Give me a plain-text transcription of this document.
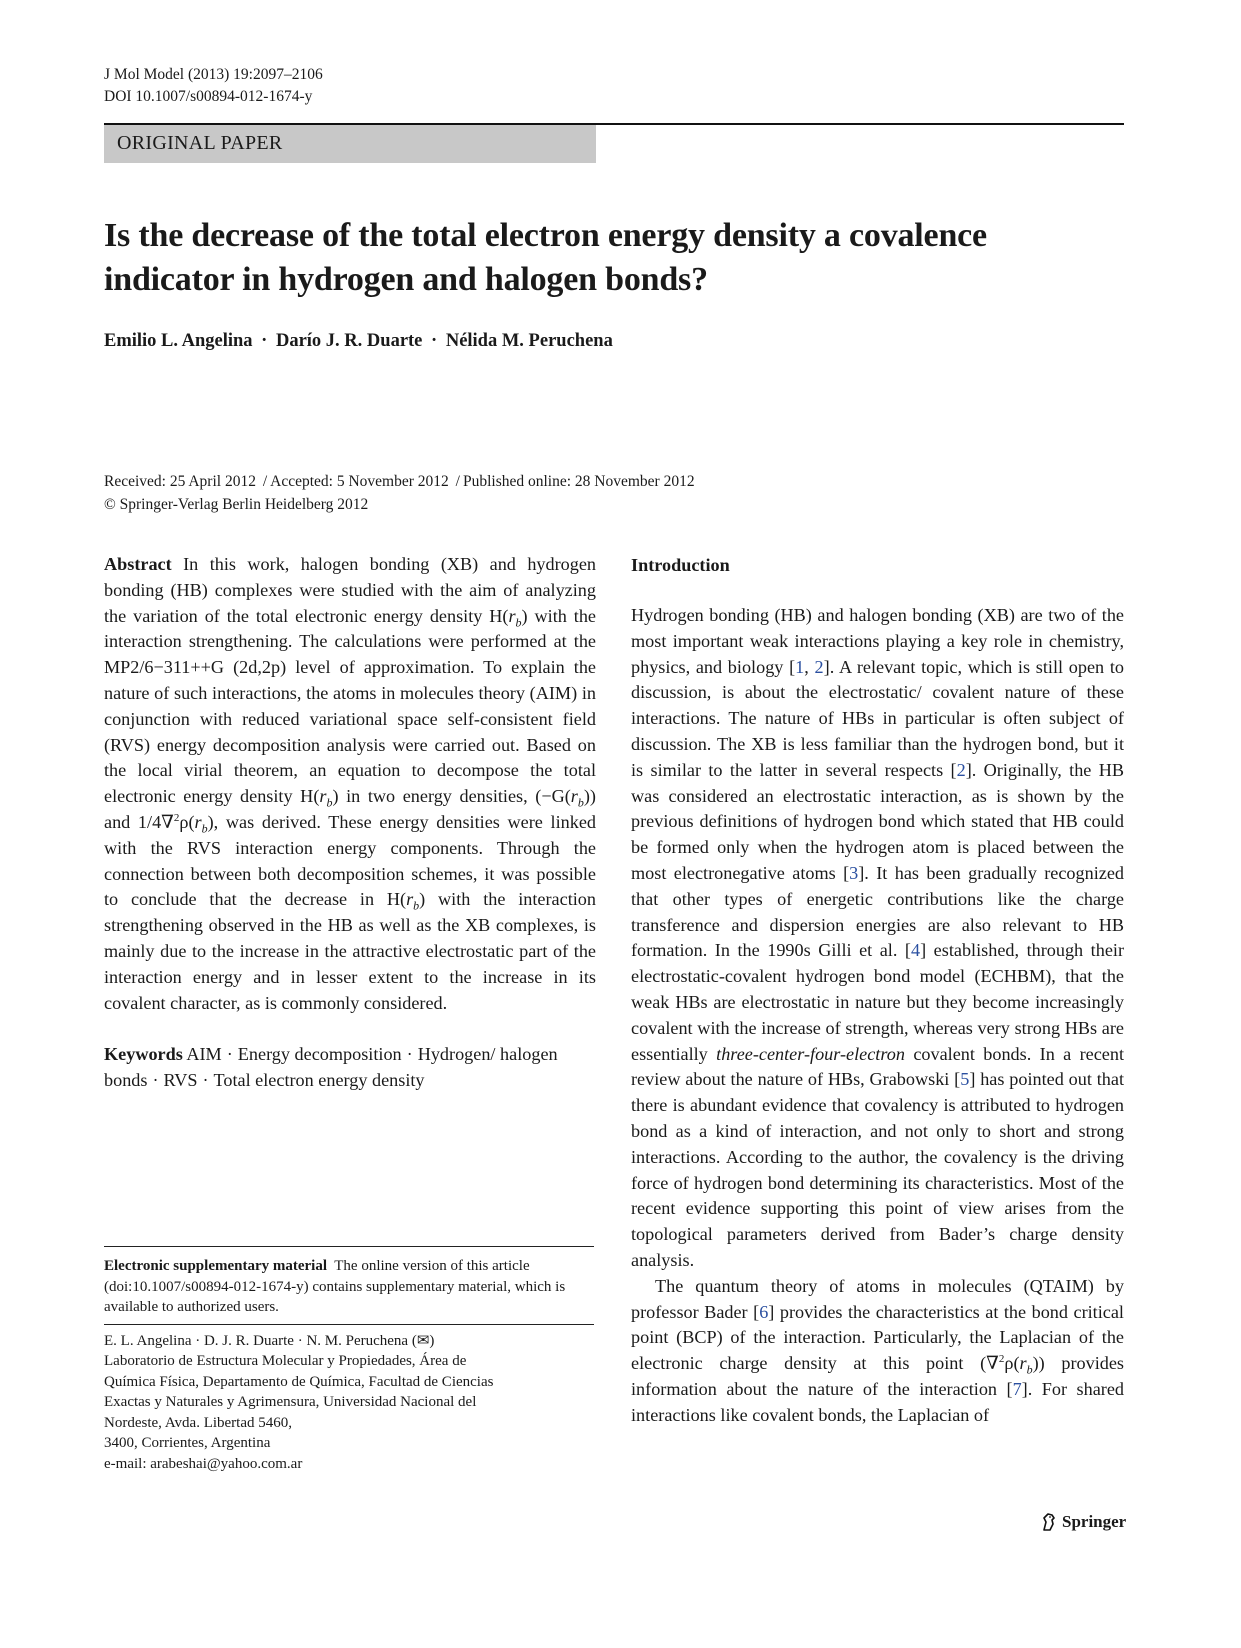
J Mol Model (2013) 19:2097–2106
DOI 10.1007/s00894-012-1674-y
ORIGINAL PAPER
Is the decrease of the total electron energy density a covalence
indicator in hydrogen and halogen bonds?
Emilio L. Angelina · Darío J. R. Duarte · Nélida M. Peruchena
Received: 25 April 2012 / Accepted: 5 November 2012 / Published online: 28 November 2012
© Springer-Verlag Berlin Heidelberg 2012

Abstract In this work, halogen bonding (XB) and hydrogen bonding (HB) complexes were studied with the aim of analyzing the variation of the total electronic energy density $H(r_b)$ with the interaction strengthening. The calculations were performed at the MP2/6−311++G (2d,2p) level of approximation. To explain the nature of such interactions, the atoms in molecules theory (AIM) in conjunction with reduced variational space self-consistent field (RVS) energy decomposition analysis were carried out. Based on the local virial theorem, an equation to decompose the total electronic energy density $H(r_b)$ in two energy densities, $(-G(r_b))$ and $1/4\nabla^2\rho(r_b)$, was derived. These energy densities were linked with the RVS interaction energy components. Through the connection between both decomposition schemes, it was possible to conclude that the decrease in $H(r_b)$ with the interaction strengthening observed in the HB as well as the XB complexes, is mainly due to the increase in the attractive electrostatic part of the interaction energy and in lesser extent to the increase in its covalent character, as is commonly considered.

Keywords AIM · Energy decomposition · Hydrogen/ halogen bonds · RVS · Total electron energy density
Electronic supplementary material The online version of this article (doi:10.1007/s00894-012-1674-y) contains supplementary material, which is available to authorized users.
E. L. Angelina · D. J. R. Duarte · N. M. Peruchena (✉)
Laboratorio de Estructura Molecular y Propiedades, Área de
Química Física, Departamento de Química, Facultad de Ciencias
Exactas y Naturales y Agrimensura, Universidad Nacional del
Nordeste, Avda. Libertad 5460,
3400, Corrientes, Argentina
e-mail: arabeshai@yahoo.com.ar
Introduction

Hydrogen bonding (HB) and halogen bonding (XB) are two of the most important weak interactions playing a key role in chemistry, physics, and biology [1, 2]. A relevant topic, which is still open to discussion, is about the electrostatic/ covalent nature of these interactions. The nature of HBs in particular is often subject of discussion. The XB is less familiar than the hydrogen bond, but it is similar to the latter in several respects [2]. Originally, the HB was considered an electrostatic interaction, as is shown by the previous definitions of hydrogen bond which stated that HB could be formed only when the hydrogen atom is placed between the most electronegative atoms [3]. It has been gradually recognized that other types of energetic contributions like the charge transference and dispersion energies are also relevant to HB formation. In the 1990s Gilli et al. [4] established, through their electrostatic-covalent hydrogen bond model (ECHBM), that the weak HBs are electrostatic in nature but they become increasingly covalent with the increase of strength, whereas very strong HBs are essentially three-center-four-electron covalent bonds. In a recent review about the nature of HBs, Grabowski [5] has pointed out that there is abundant evidence that covalency is attributed to hydrogen bond as a kind of interaction, and not only to short and strong interactions. According to the author, the covalency is the driving force of hydrogen bond determining its characteristics. Most of the recent evidence supporting this point of view arises from the topological parameters derived from Bader’s charge density analysis.

The quantum theory of atoms in molecules (QTAIM) by professor Bader [6] provides the characteristics at the bond critical point (BCP) of the interaction. Particularly, the Laplacian of the electronic charge density at this point $(\nabla^2\rho(r_b))$ provides information about the nature of the interaction [7]. For shared interactions like covalent bonds, the Laplacian of

Springer
